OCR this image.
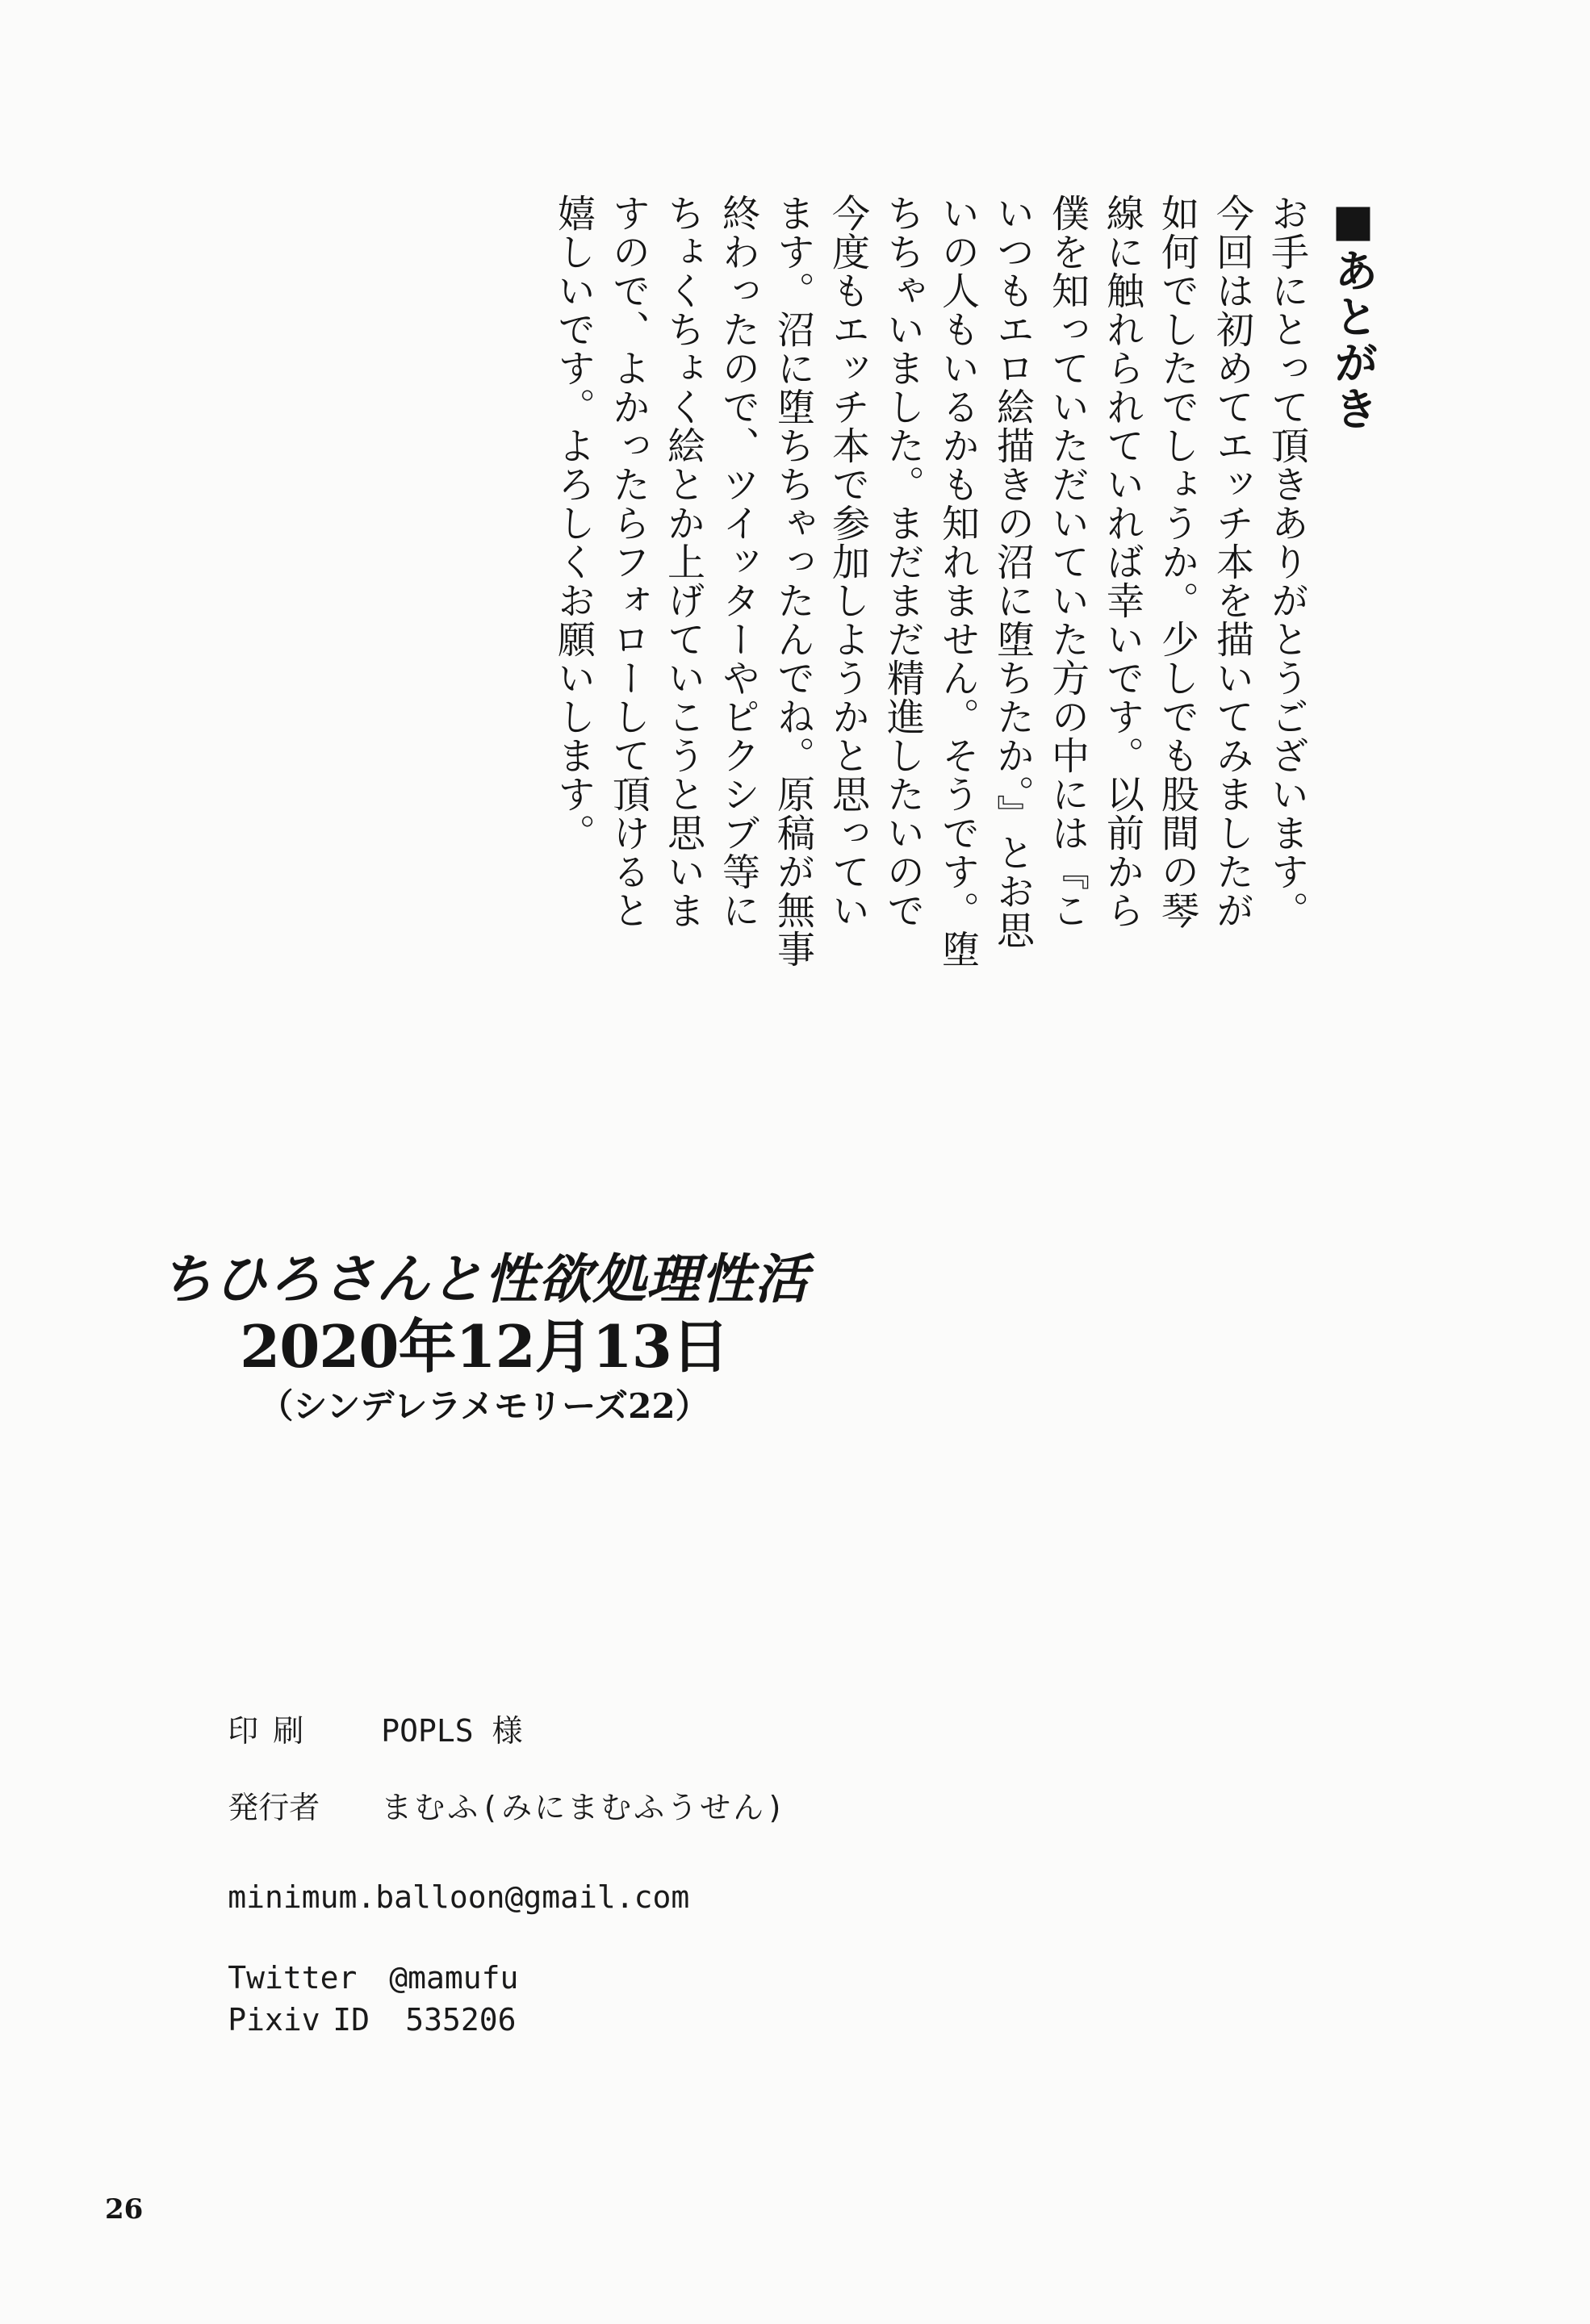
■あとがき
お手にとって頂きありがとうございます。
今回は初めてエッチ本を描いてみましたが
如何でしたでしょうか。少しでも股間の琴
線に触れられていれば幸いです。以前から
僕を知っていただいていた方の中には『こ
いつもエロ絵描きの沼に堕ちたか。』とお思
いの人もいるかも知れません。そうです。堕
ちちゃいました。まだまだ精進したいので
今度もエッチ本で参加しようかと思ってい
ます。沼に堕ちちゃったんでね。原稿が無事
終わったので、ツイッターやピクシブ等に
ちょくちょく絵とか上げていこうと思いま
すので、よかったらフォローして頂けると
嬉しいです。よろしくお願いします。
ちひろさんと性欲処理性活
2020年12月13日
（シンデレラメモリーズ22）

印刷 POPLS 様

発行者 まむふ(みにまむふうせん)

minimum.balloon@gmail.com

Twitter @mamufu

Pixiv ID 535206

26
